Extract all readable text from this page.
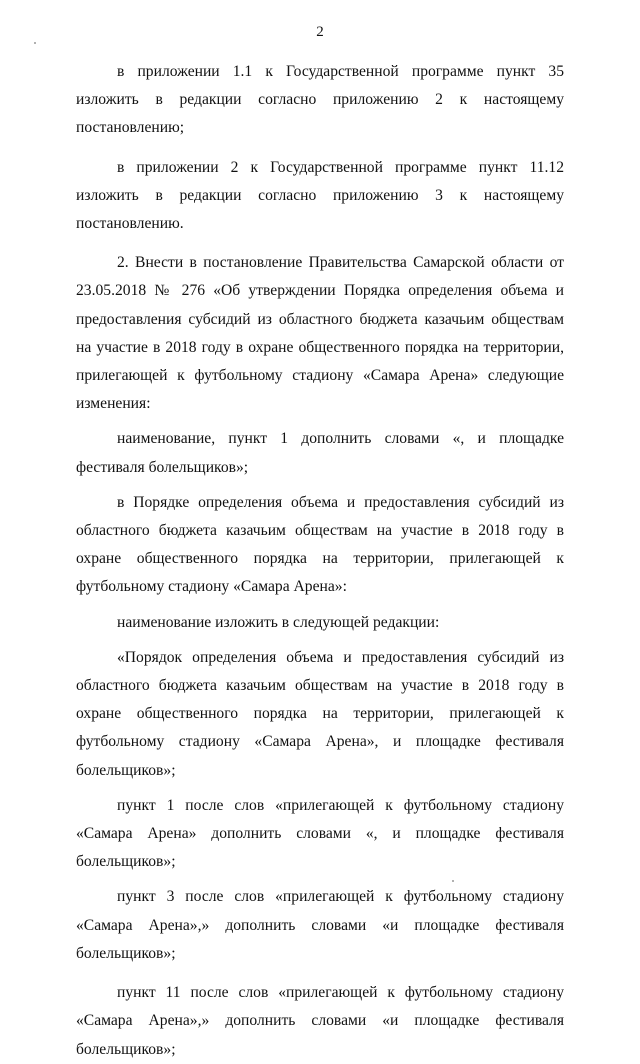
2

в приложении 1.1 к Государственной программе пункт 35 изложить в редакции согласно приложению 2 к настоящему постановлению;

в приложении 2 к Государственной программе пункт 11.12 изложить в редакции согласно приложению 3 к настоящему постановлению.

2. Внести в постановление Правительства Самарской области от 23.05.2018 № 276 «Об утверждении Порядка определения объема и предоставления субсидий из областного бюджета казачьим обществам на участие в 2018 году в охране общественного порядка на территории, прилегающей к футбольному стадиону «Самара Арена» следующие изменения:

наименование, пункт 1 дополнить словами «, и площадке фестиваля болельщиков»;

в Порядке определения объема и предоставления субсидий из областного бюджета казачьим обществам на участие в 2018 году в охране общественного порядка на территории, прилегающей к футбольному стадиону «Самара Арена»:

наименование изложить в следующей редакции:

«Порядок определения объема и предоставления субсидий из областного бюджета казачьим обществам на участие в 2018 году в охране общественного порядка на территории, прилегающей к футбольному стадиону «Самара Арена», и площадке фестиваля болельщиков»;

пункт 1 после слов «прилегающей к футбольному стадиону «Самара Арена» дополнить словами «, и площадке фестиваля болельщиков»;

пункт 3 после слов «прилегающей к футбольному стадиону «Самара Арена»,» дополнить словами «и площадке фестиваля болельщиков»;

пункт 11 после слов «прилегающей к футбольному стадиону «Самара Арена»,» дополнить словами «и площадке фестиваля болельщиков»;
